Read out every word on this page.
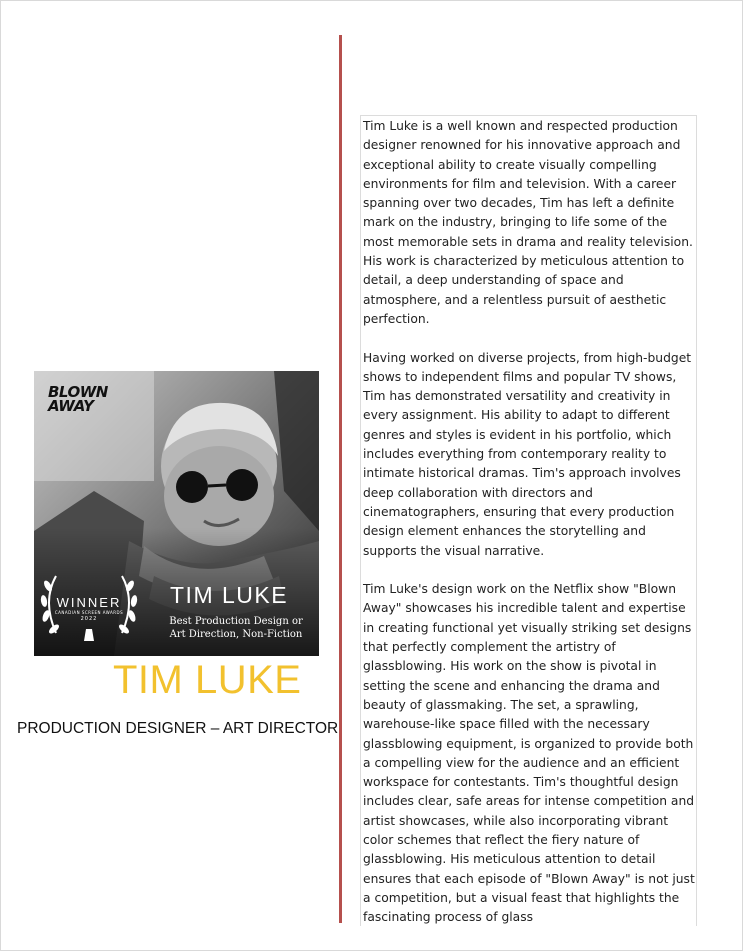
BLOWN
AWAY
WINNER
CANADIAN SCREEN AWARDS
2022
TIM LUKE
Best Production Design or
Art Direction, Non-Fiction
TIM LUKE
PRODUCTION DESIGNER – ART DIRECTOR

Tim Luke is a well known and respected production designer renowned for his innovative approach and exceptional ability to create visually compelling environments for film and television. With a career spanning over two decades, Tim has left a definite mark on the industry, bringing to life some of the most memorable sets in drama and reality television. His work is characterized by meticulous attention to detail, a deep understanding of space and atmosphere, and a relentless pursuit of aesthetic perfection.

Having worked on diverse projects, from high-budget shows to independent films and popular TV shows, Tim has demonstrated versatility and creativity in every assignment. His ability to adapt to different genres and styles is evident in his portfolio, which includes everything from contemporary reality to intimate historical dramas. Tim's approach involves deep collaboration with directors and cinematographers, ensuring that every production design element enhances the storytelling and supports the visual narrative.

Tim Luke's design work on the Netflix show "Blown Away" showcases his incredible talent and expertise in creating functional yet visually striking set designs that perfectly complement the artistry of glassblowing. His work on the show is pivotal in setting the scene and enhancing the drama and beauty of glassmaking. The set, a sprawling, warehouse-like space filled with the necessary glassblowing equipment, is organized to provide both a compelling view for the audience and an efficient workspace for contestants. Tim's thoughtful design includes clear, safe areas for intense competition and artist showcases, while also incorporating vibrant color schemes that reflect the fiery nature of glassblowing. His meticulous attention to detail ensures that each episode of "Blown Away" is not just a competition, but a visual feast that highlights the fascinating process of glass
